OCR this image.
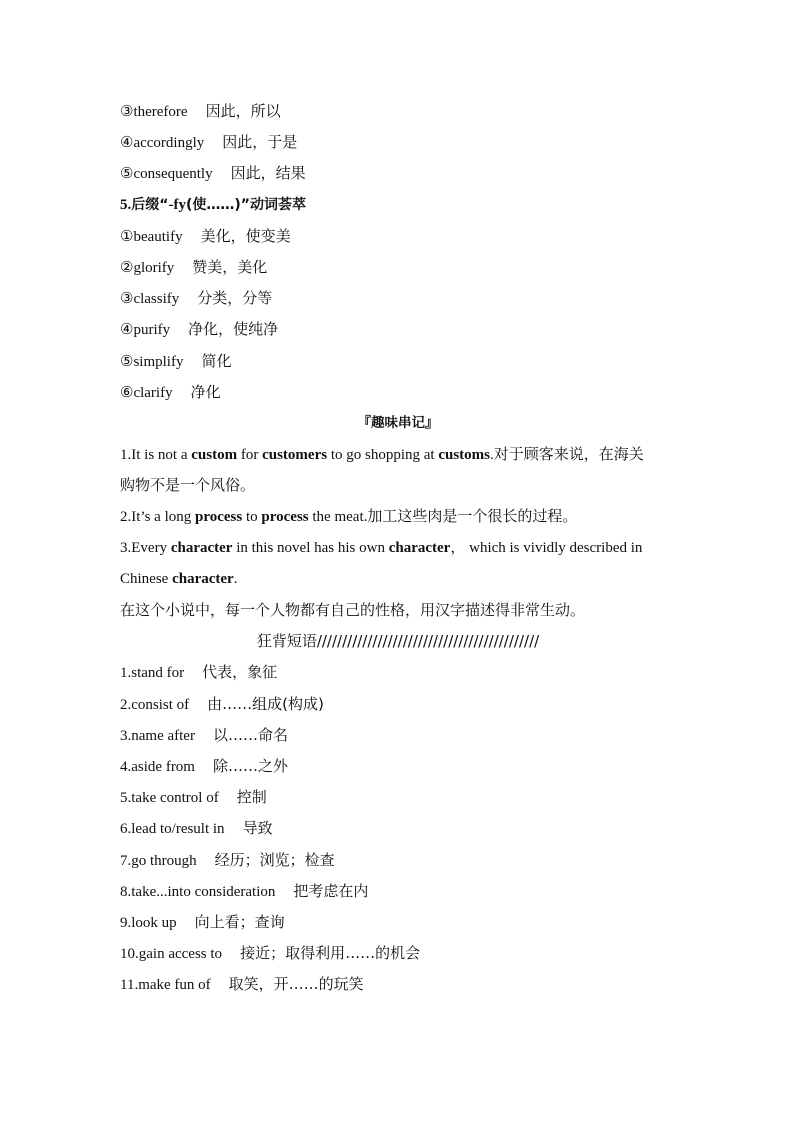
③therefore 因此，所以
④accordingly 因此，于是
⑤consequently 因此，结果
5.后缀“-fy(使……)”动词荟萃
①beautify 美化，使变美
②glorify 赞美，美化
③classify 分类，分等
④purify 净化，使纯净
⑤simplify 简化
⑥clarify 净化
『趣味串记』
1.It is not a custom for customers to go shopping at customs.对于顾客来说，在海关
购物不是一个风俗。
2.It’s a long process to process the meat.加工这些肉是一个很长的过程。
3.Every character in this novel has his own character， which is vividly described in
Chinese character.
在这个小说中，每一个人物都有自己的性格，用汉字描述得非常生动。
狂背短语////////////////////////////////////////////
1.stand for 代表，象征
2.consist of 由……组成(构成)
3.name after 以……命名
4.aside from 除……之外
5.take control of 控制
6.lead to/result in 导致
7.go through 经历；浏览；检查
8.take...into consideration 把考虑在内
9.look up 向上看；查询
10.gain access to 接近；取得利用……的机会
11.make fun of 取笑，开……的玩笑
